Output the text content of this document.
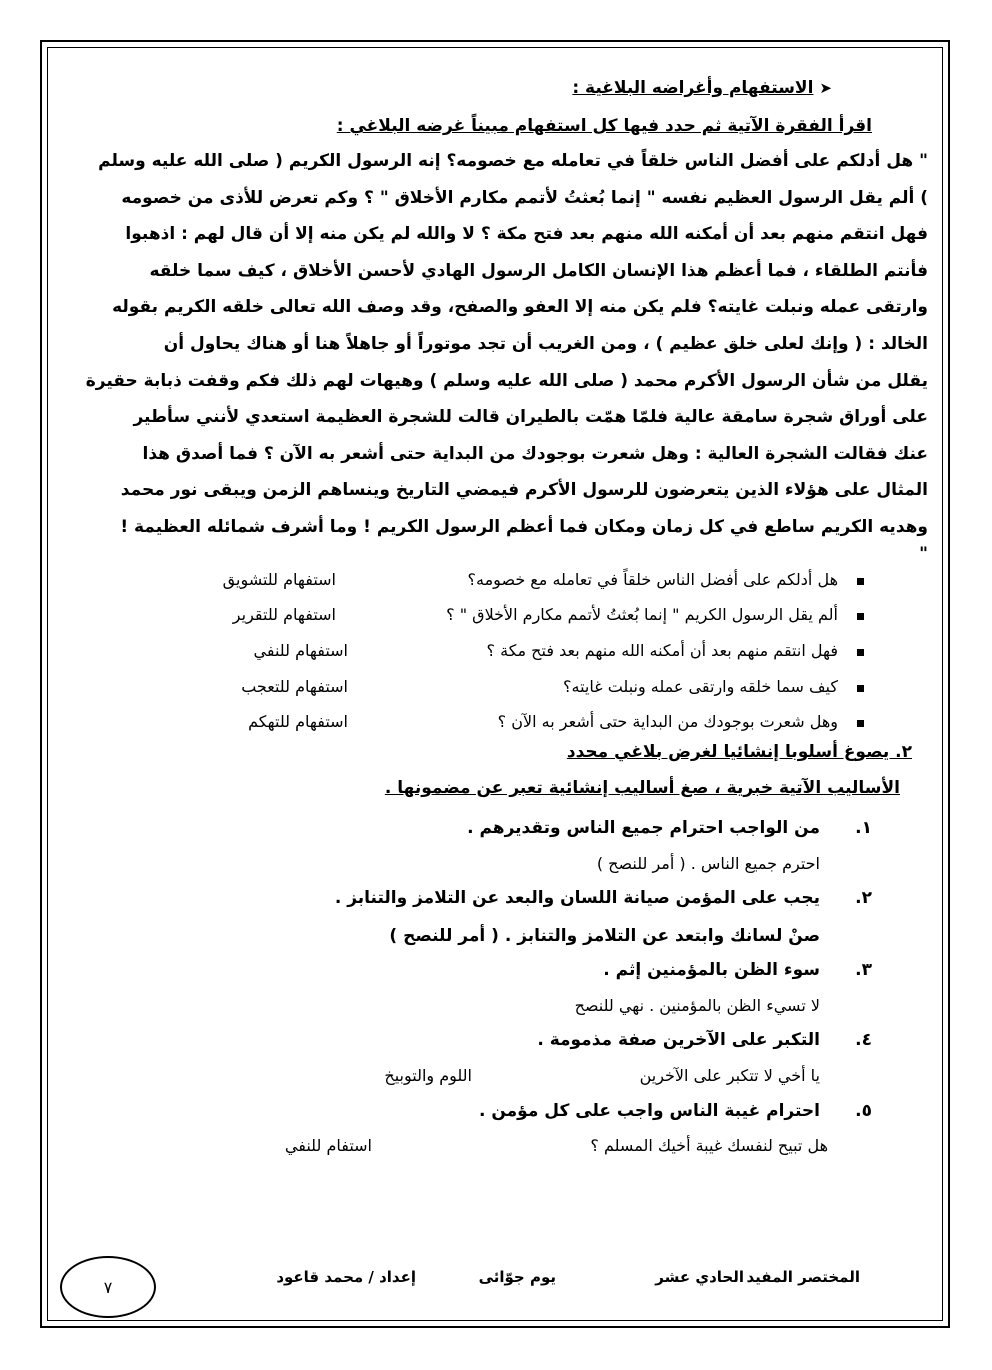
➤الاستفهام وأغراضه البلاغية :
اقرأ الفقرة الآتية ثم حدد فيها كل استفهام مبيناً غرضه البلاغي :
" هل أدلكم على أفضل الناس خلقاً في تعامله مع خصومه؟ إنه الرسول الكريم ( صلى الله عليه وسلم
) ألم يقل الرسول العظيم نفسه " إنما بُعثتُ لأتمم مكارم الأخلاق " ؟ وكم تعرض للأذى من خصومه
فهل انتقم منهم بعد أن أمكنه الله منهم بعد فتح مكة ؟ لا والله لم يكن منه إلا أن قال لهم : اذهبوا
فأنتم الطلقاء ، فما أعظم هذا الإنسان الكامل الرسول الهادي لأحسن الأخلاق ، كيف سما خلقه
وارتقى عمله ونبلت غايته؟ فلم يكن منه إلا العفو والصفح، وقد وصف الله تعالى خلقه الكريم بقوله
الخالد : ( وإنك لعلى خلق عظيم ) ، ومن الغريب أن تجد موتوراً أو جاهلاً هنا أو هناك يحاول أن
يقلل من شأن الرسول الأكرم محمد ( صلى الله عليه وسلم ) وهيهات لهم ذلك فكم وقفت ذبابة حقيرة
على أوراق شجرة سامقة عالية فلمّا همّت بالطيران قالت للشجرة العظيمة استعدي لأنني سأطير
عنك فقالت الشجرة العالية : وهل شعرت بوجودك من البداية حتى أشعر به الآن ؟ فما أصدق هذا
المثال على هؤلاء الذين يتعرضون للرسول الأكرم فيمضي التاريخ وينساهم الزمن ويبقى نور محمد
وهديه الكريم ساطع في كل زمان ومكان فما أعظم الرسول الكريم ! وما أشرف شمائله العظيمة !
"
هل أدلكم على أفضل الناس خلقاً في تعامله مع خصومه؟
استفهام للتشويق
ألم يقل الرسول الكريم " إنما بُعثتُ لأتمم مكارم الأخلاق " ؟
استفهام للتقرير
فهل انتقم منهم بعد أن أمكنه الله منهم بعد فتح مكة ؟
استفهام للنفي
كيف سما خلقه وارتقى عمله ونبلت غايته؟
استفهام للتعجب
وهل شعرت بوجودك من البداية حتى أشعر به الآن ؟
استفهام للتهكم
٢. يصوغ أسلوبا إنشائيا لغرض بلاغي محدد
الأساليب الآتية خبرية ، صغ أساليب إنشائية تعبر عن مضمونها .
١.
من الواجب احترام جميع الناس وتقديرهم .
احترم جميع الناس . ( أمر للنصح )
٢.
يجب على المؤمن صيانة اللسان والبعد عن التلامز والتنابز .
صنْ لسانك وابتعد عن التلامز والتنابز . ( أمر للنصح )
٣.
سوء الظن بالمؤمنين إثم .
لا تسيء الظن بالمؤمنين . نهي للنصح
٤.
التكبر على الآخرين صفة مذمومة .
يا أخي لا تتكبر على الآخرين
اللوم والتوبيخ
٥.
احترام غيبة الناس واجب على كل مؤمن .
هل تبيح لنفسك غيبة أخيك المسلم ؟
استفام للنفي
المختصر المفيد
الحادي عشر
يوم جوّائى
إعداد / محمد قاعود
٧
